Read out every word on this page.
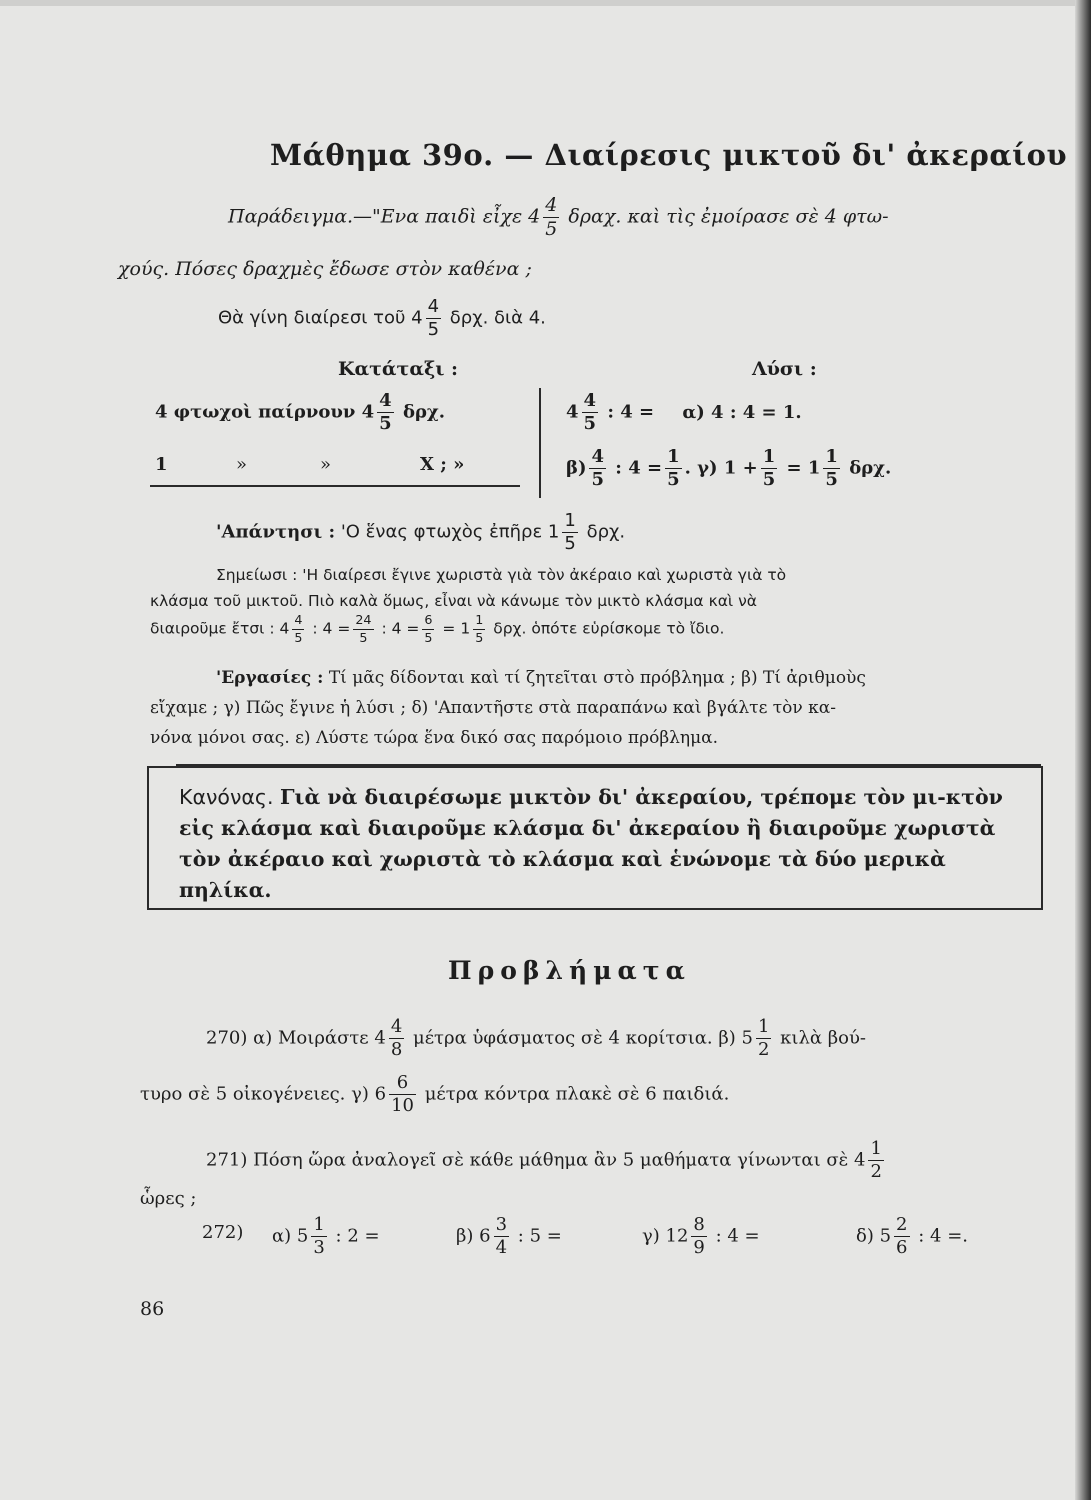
Μάθημα 39ο. — Διαίρεσις μικτοῦ δι' ἀκεραίου
Παράδειγμα.—"Ενα παιδὶ εἶχε $4 \frac{4}{5} \delta\rho\alpha\chi$. καὶ τὶς ἐμοίρασε σὲ 4 φτω-
χούς. Πόσες δραχμὲς ἔδωσε στὸν καθένα ;
Θὰ γίνη διαίρεσι τοῦ $4 \frac{4}{5} \delta\rho\chi$. διὰ 4.
Κατάταξι :
4 φτωχοὶ παίρνουν $4 \frac{4}{5} \delta\rho\chi$.
1	»	»	X ; »
Λύσι :
$4 \frac{4}{5}$ : 4 = α) 4 : 4 = 1.
$\beta) \frac{4}{5}$ : $4 = \frac{1}{5}$ . γ) $1 + \frac{1}{5} = 1 \frac{1}{5} \delta\rho\chi$.
'Απάντησι : 'Ο ἕνας φτωχὸς ἐπῆρε $1 \frac{1}{5} \delta\rho\chi$.
Σημείωσι : 'Η διαίρεσι ἔγινε χωριστὰ γιὰ τὸν ἀκέραιο καὶ χωριστὰ γιὰ τὸ
κλάσμα τοῦ μικτοῦ. Πιὸ καλὰ ὅμως, εἶναι νὰ κάνωμε τὸν μικτὸ κλάσμα καὶ νὰ
διαιροῦμε ἔτσι : $4 \frac{4}{5}$ : $4 = \frac{24}{5}$ : $4 = \frac{6}{5} = 1 \frac{1}{5} \delta\rho\chi$. ὁπότε εὑρίσκομε τὸ ἴδιο.
'Εργασίες : Τί μᾶς δίδονται καὶ τί ζητεῖται στὸ πρόβλημα ; β) Τί ἀριθμοὺς
εἴχαμε ; γ) Πῶς ἔγινε ἡ λύσι ; δ) 'Απαντῆστε στὰ παραπάνω καὶ βγάλτε τὸν κα-
νόνα μόνοι σας. ε) Λύστε τώρα ἕνα δικό σας παρόμοιο πρόβλημα.
Κανόνας. Γιὰ νὰ διαιρέσωμε μικτὸν δι' ἀκεραίου, τρέπομε τὸν μι-κτὸν εἰς κλάσμα καὶ διαιροῦμε κλάσμα δι' ἀκεραίου ἢ διαιροῦμε χωριστὰ τὸν ἀκέραιο καὶ χωριστὰ τὸ κλάσμα καὶ ἑνώνομε τὰ δύο μερικὰ πηλίκα.
Προβλήματα
270) α) Μοιράστε $4 \frac{4}{8}$ μέτρα ὑφάσματος σὲ 4 κορίτσια. β) $5 \frac{1}{2}$ κιλὰ βού-
τυρο σὲ 5 οἰκογένειες. γ) $6 \frac{6}{10}$ μέτρα κόντρα πλακὲ σὲ 6 παιδιά.
271) Πόση ὥρα ἀναλογεῖ σὲ κάθε μάθημα ἂν 5 μαθήματα γίνωνται σὲ $4 \frac{1}{2}$
ὧρες ;
272) α) $5 \frac{1}{3}$ : 2 =	β) $6 \frac{3}{4}$ : 5 =	γ) $12 \frac{8}{9}$ : 4 =	δ) $5 \frac{2}{6}$ : 4 =.
86
